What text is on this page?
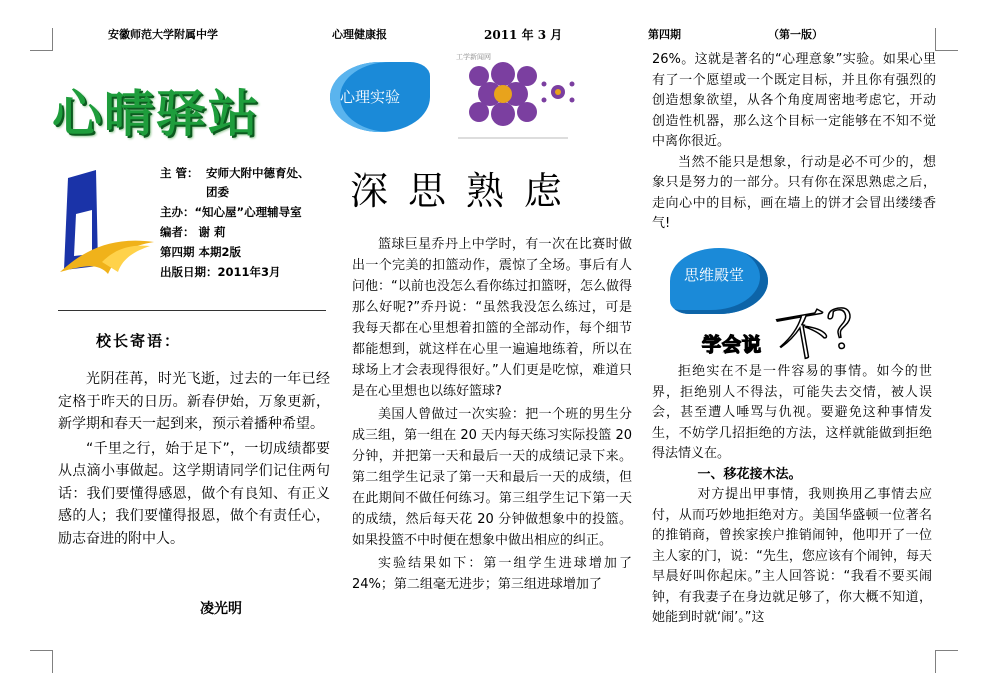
安徽师范大学附属中学	心理健康报	2011 年 3 月	第四期	（第一版）
心晴驿站
主 管： 安师大附中德育处、
团委
主办：“知心屋”心理辅导室
编者： 谢 莉
第四期 本期2版
出版日期：2011年3月
校长寄语：

光阴荏苒，时光飞逝，过去的一年已经定格于昨天的日历。新春伊始，万象更新，新学期和春天一起到来，预示着播种希望。

“千里之行，始于足下”，一切成绩都要从点滴小事做起。这学期请同学们记住两句话：我们要懂得感恩，做个有良知、有正义感的人；我们要懂得报恩，做个有责任心，励志奋进的附中人。

凌光明
心理实验
工学新闻网
深思熟虑

篮球巨星乔丹上中学时，有一次在比赛时做出一个完美的扣篮动作，震惊了全场。事后有人问他：“以前也没怎么看你练过扣篮呀，怎么做得那么好呢?”乔丹说：“虽然我没怎么练过，可是我每天都在心里想着扣篮的全部动作，每个细节都能想到，就这样在心里一遍遍地练着，所以在球场上才会表现得很好。”人们更是吃惊，难道只是在心里想也以练好篮球?

美国人曾做过一次实验：把一个班的男生分成三组，第一组在 20 天内每天练习实际投篮 20 分钟，并把第一天和最后一天的成绩记录下来。第二组学生记录了第一天和最后一天的成绩，但在此期间不做任何练习。第三组学生记下第一天的成绩，然后每天花 20 分钟做想象中的投篮。如果投篮不中时便在想象中做出相应的纠正。

实验结果如下：第一组学生进球增加了 24%；第二组毫无进步；第三组进球增加了

26%。这就是著名的“心理意象”实验。如果心里有了一个愿望或一个既定目标，并且你有强烈的创造想象欲望，从各个角度周密地考虑它，开动创造性机器，那么这个目标一定能够在不知不觉中离你很近。

当然不能只是想象，行动是必不可少的，想象只是努力的一部分。只有你在深思熟虑之后，走向心中的目标，画在墙上的饼才会冒出缕缕香气!

思维殿堂
学会说 不？

拒绝实在不是一件容易的事情。如今的世界，拒绝别人不得法，可能失去交情，被人误会，甚至遭人唾骂与仇视。要避免这种事情发生，不妨学几招拒绝的方法，这样就能做到拒绝得法情义在。

一、移花接木法。

对方提出甲事情，我则换用乙事情去应付，从而巧妙地拒绝对方。美国华盛顿一位著名的推销商，曾挨家挨户推销闹钟，他叩开了一位主人家的门，说：“先生，您应该有个闹钟，每天早晨好叫你起床。”主人回答说：“我看不要买闹钟，有我妻子在身边就足够了，你大概不知道，她能到时就‘闹’。”这
